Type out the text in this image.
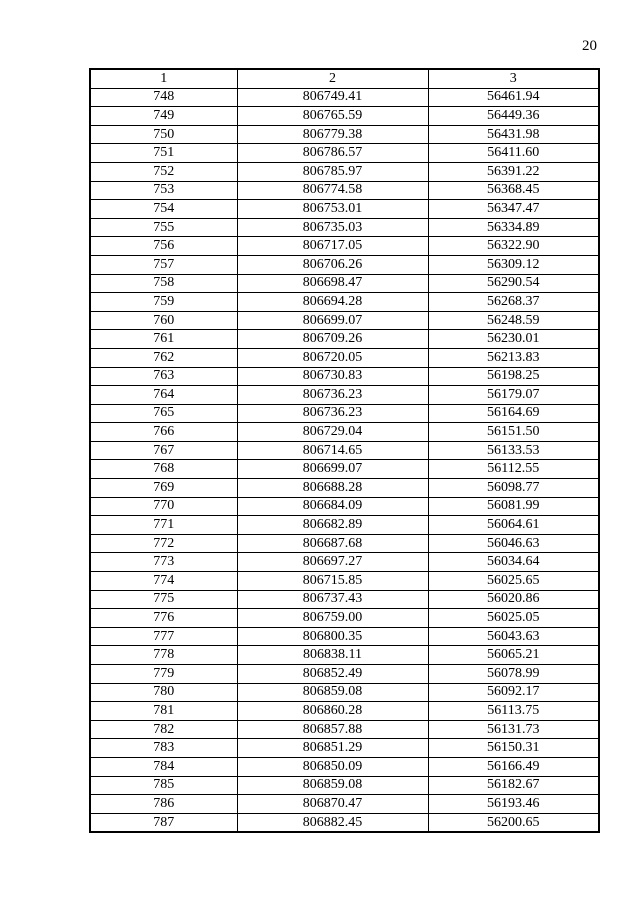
20
1	2	3
748	806749.41	56461.94
749	806765.59	56449.36
750	806779.38	56431.98
751	806786.57	56411.60
752	806785.97	56391.22
753	806774.58	56368.45
754	806753.01	56347.47
755	806735.03	56334.89
756	806717.05	56322.90
757	806706.26	56309.12
758	806698.47	56290.54
759	806694.28	56268.37
760	806699.07	56248.59
761	806709.26	56230.01
762	806720.05	56213.83
763	806730.83	56198.25
764	806736.23	56179.07
765	806736.23	56164.69
766	806729.04	56151.50
767	806714.65	56133.53
768	806699.07	56112.55
769	806688.28	56098.77
770	806684.09	56081.99
771	806682.89	56064.61
772	806687.68	56046.63
773	806697.27	56034.64
774	806715.85	56025.65
775	806737.43	56020.86
776	806759.00	56025.05
777	806800.35	56043.63
778	806838.11	56065.21
779	806852.49	56078.99
780	806859.08	56092.17
781	806860.28	56113.75
782	806857.88	56131.73
783	806851.29	56150.31
784	806850.09	56166.49
785	806859.08	56182.67
786	806870.47	56193.46
787	806882.45	56200.65
